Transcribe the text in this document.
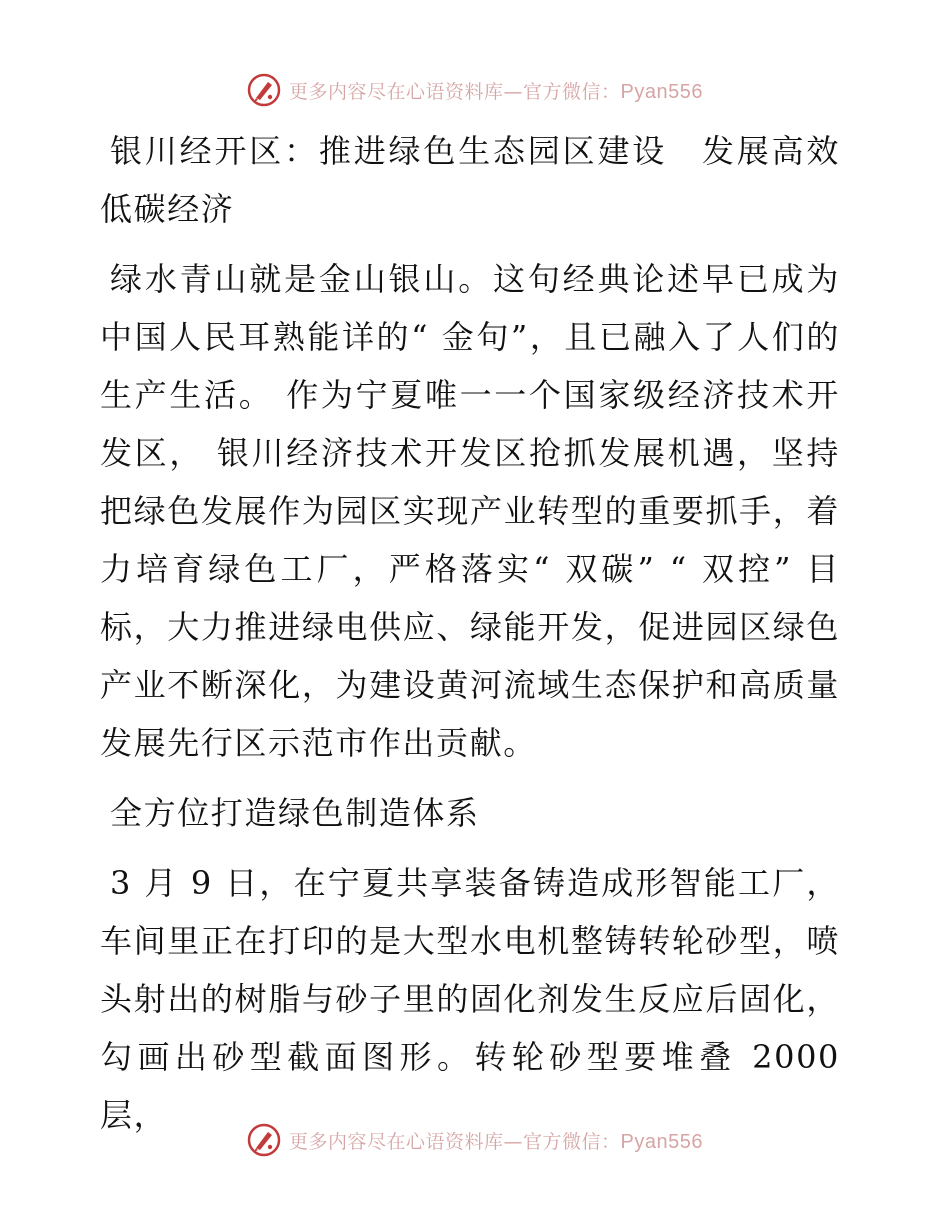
更多内容尽在心语资料库—官方微信：Pyan556

银川经开区：推进绿色生态园区建设　发展高效低碳经济

绿水青山就是金山银山。这句经典论述早已成为中国人民耳熟能详的“ 金句”，且已融入了人们的生产生活。 作为宁夏唯一一个国家级经济技术开发区， 银川经济技术开发区抢抓发展机遇，坚持把绿色发展作为园区实现产业转型的重要抓手，着力培育绿色工厂，严格落实“ 双碳” “ 双控” 目标，大力推进绿电供应、绿能开发，促进园区绿色产业不断深化，为建设黄河流域生态保护和高质量发展先行区示范市作出贡献。

全方位打造绿色制造体系

3 月 9 日，在宁夏共享装备铸造成形智能工厂，车间里正在打印的是大型水电机整铸转轮砂型，喷头射出的树脂与砂子里的固化剂发生反应后固化，勾画出砂型截面图形。转轮砂型要堆叠 2000 层，

更多内容尽在心语资料库—官方微信：Pyan556
